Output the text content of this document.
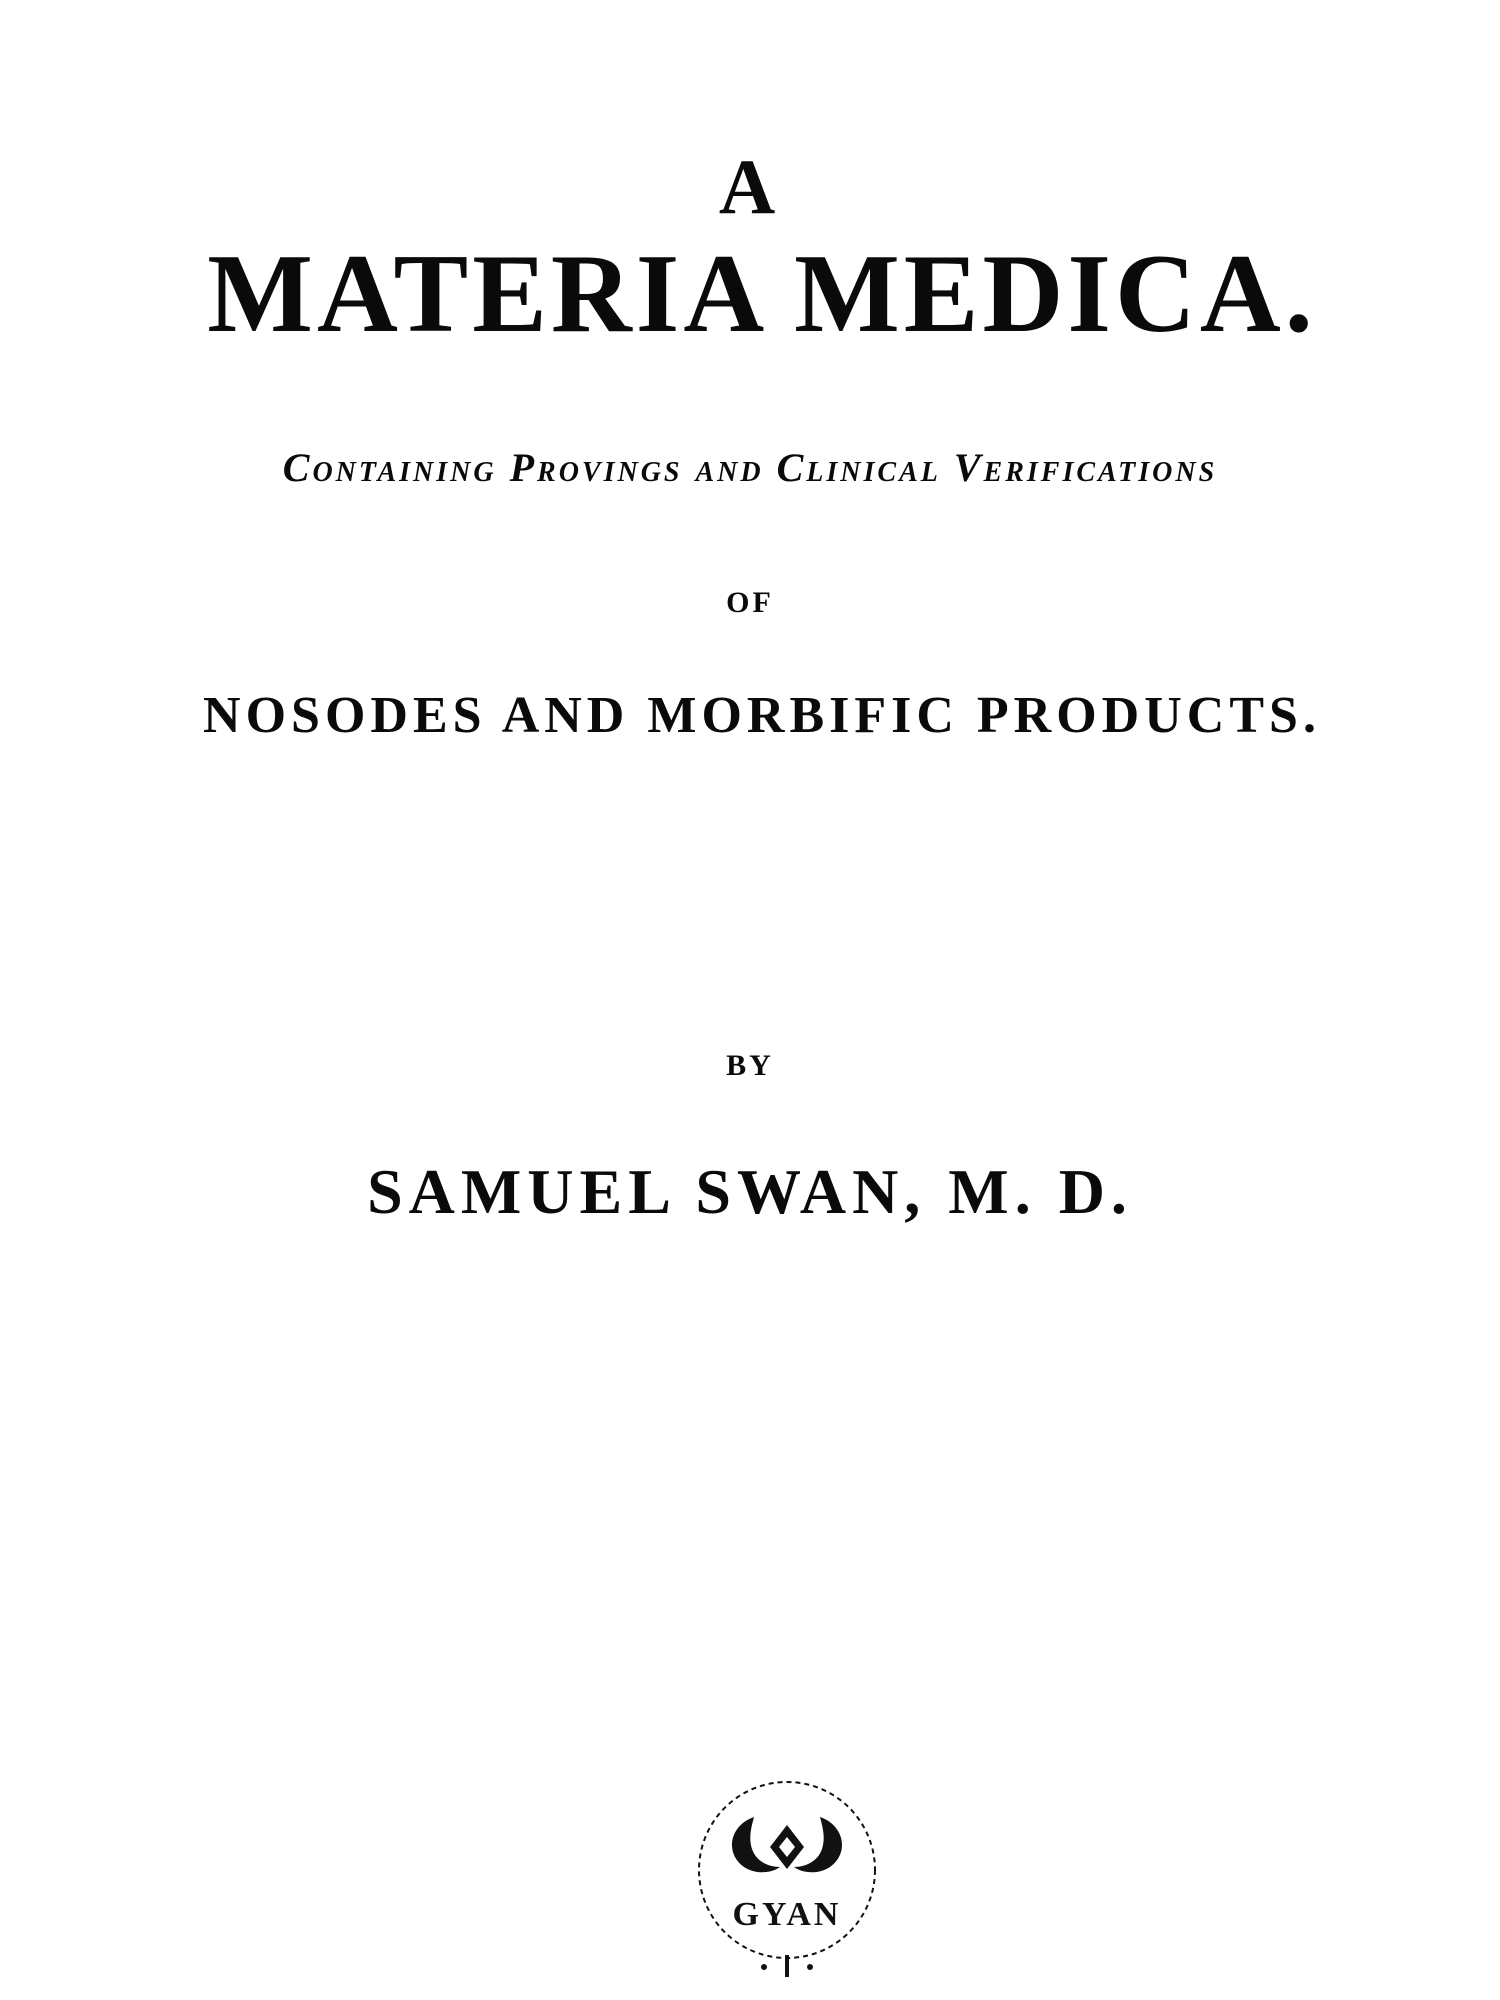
A
MATERIA MEDICA.
Containing Provings and Clinical Verifications
OF
NOSODES AND MORBIFIC PRODUCTS.
BY
SAMUEL SWAN, M. D.
GYAN
